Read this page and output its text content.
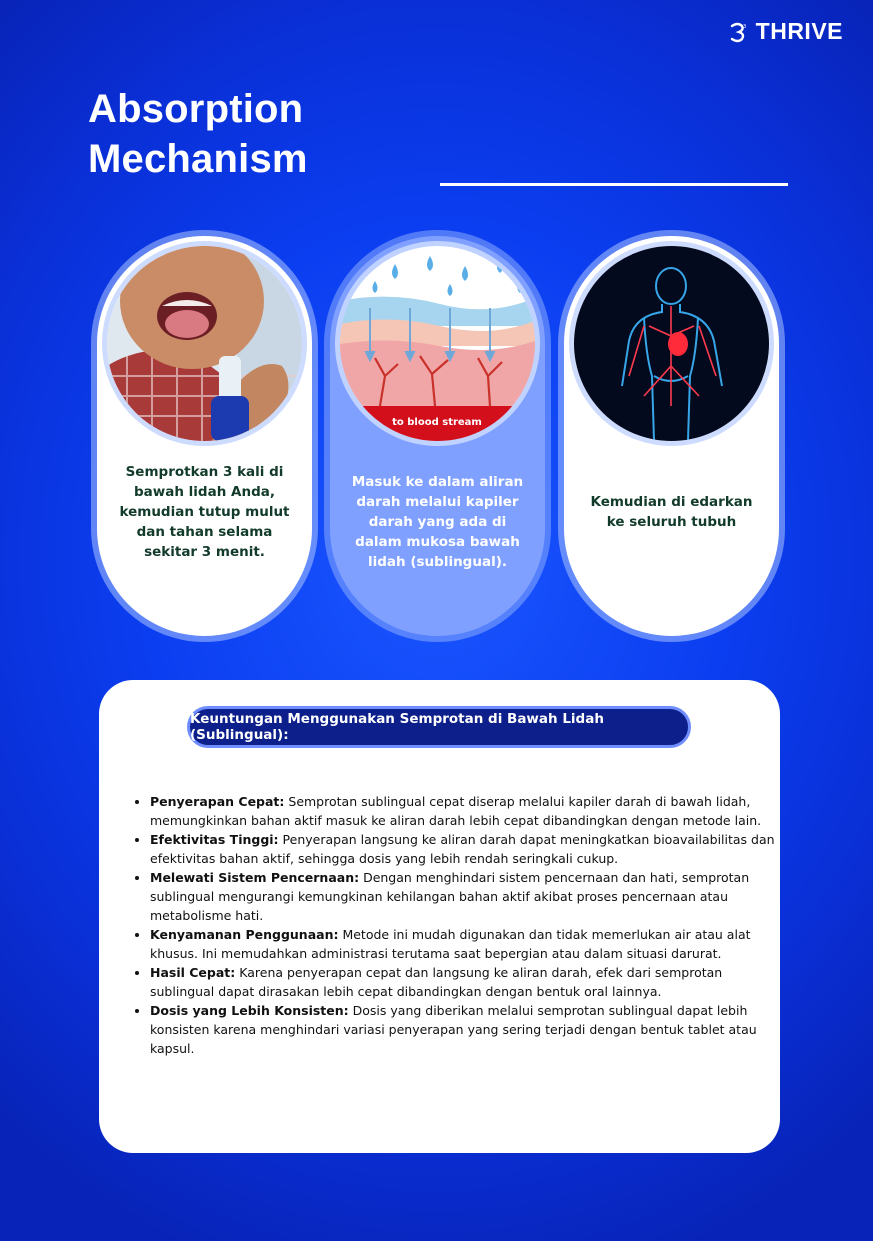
3 THRIVE
Absorption
Mechanism

Semprotkan 3 kali di bawah lidah Anda, kemudian tutup mulut dan tahan selama sekitar 3 menit.

to blood stream

Masuk ke dalam aliran darah melalui kapiler darah yang ada di dalam mukosa bawah lidah (sublingual).

Kemudian di edarkan ke seluruh tubuh

Keuntungan Menggunakan Semprotan di Bawah Lidah (Sublingual):
• Penyerapan Cepat: Semprotan sublingual cepat diserap melalui kapiler darah di bawah lidah, memungkinkan bahan aktif masuk ke aliran darah lebih cepat dibandingkan dengan metode lain.
• Efektivitas Tinggi: Penyerapan langsung ke aliran darah dapat meningkatkan bioavailabilitas dan efektivitas bahan aktif, sehingga dosis yang lebih rendah seringkali cukup.
• Melewati Sistem Pencernaan: Dengan menghindari sistem pencernaan dan hati, semprotan sublingual mengurangi kemungkinan kehilangan bahan aktif akibat proses pencernaan atau metabolisme hati.
• Kenyamanan Penggunaan: Metode ini mudah digunakan dan tidak memerlukan air atau alat khusus. Ini memudahkan administrasi terutama saat bepergian atau dalam situasi darurat.
• Hasil Cepat: Karena penyerapan cepat dan langsung ke aliran darah, efek dari semprotan sublingual dapat dirasakan lebih cepat dibandingkan dengan bentuk oral lainnya.
• Dosis yang Lebih Konsisten: Dosis yang diberikan melalui semprotan sublingual dapat lebih konsisten karena menghindari variasi penyerapan yang sering terjadi dengan bentuk tablet atau kapsul.
